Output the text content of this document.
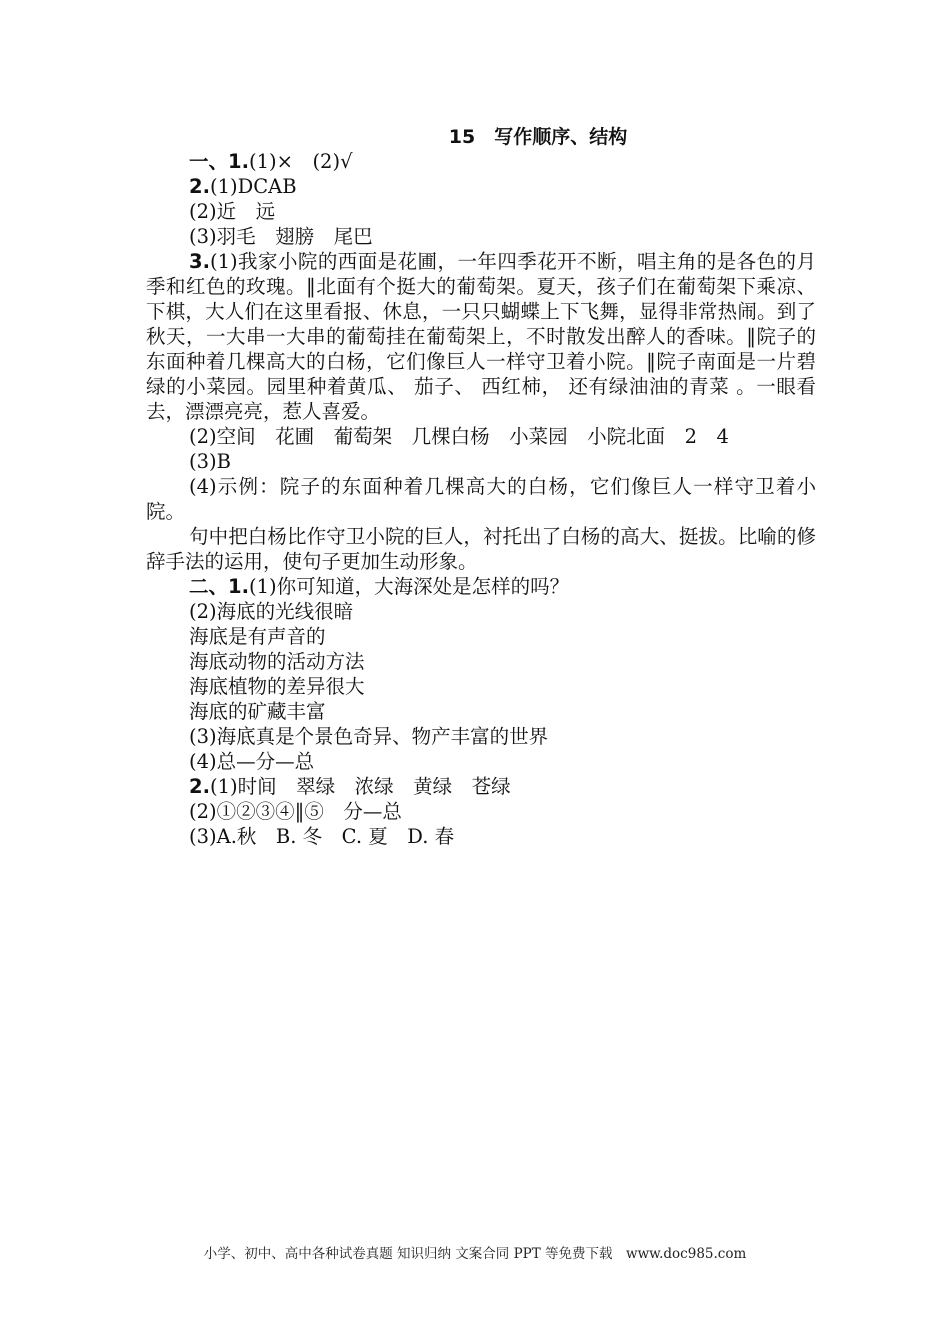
15　写作顺序、结构

一、1.(1)×　(2)√

2.(1)DCAB

(2)近　远

(3)羽毛　翅膀　尾巴

3.(1)我家小院的西面是花圃，一年四季花开不断，唱主角的是各色的月季和红色的玫瑰。‖北面有个挺大的葡萄架。夏天，孩子们在葡萄架下乘凉、下棋，大人们在这里看报、休息，一只只蝴蝶上下飞舞，显得非常热闹。到了秋天，一大串一大串的葡萄挂在葡萄架上，不时散发出醉人的香味。‖院子的东面种着几棵高大的白杨，它们像巨人一样守卫着小院。‖院子南面是一片碧绿的小菜园。园里种着黄瓜、 茄子、 西红柿， 还有绿油油的青菜 。一眼看去，漂漂亮亮，惹人喜爱。

(2)空间　花圃　葡萄架　几棵白杨　小菜园　小院北面　2　4

(3)B

(4)示例：院子的东面种着几棵高大的白杨，它们像巨人一样守卫着小院。

句中把白杨比作守卫小院的巨人，衬托出了白杨的高大、挺拔。比喻的修辞手法的运用，使句子更加生动形象。

二、1.(1)你可知道，大海深处是怎样的吗？

(2)海底的光线很暗

海底是有声音的

海底动物的活动方法

海底植物的差异很大

海底的矿藏丰富

(3)海底真是个景色奇异、物产丰富的世界

(4)总—分—总

2.(1)时间　翠绿　浓绿　黄绿　苍绿

(2)①②③④‖⑤　分—总

(3)A.秋　B. 冬　C. 夏　D. 春

小学、初中、高中各种试卷真题 知识归纳 文案合同 PPT 等免费下载　www.doc985.com
